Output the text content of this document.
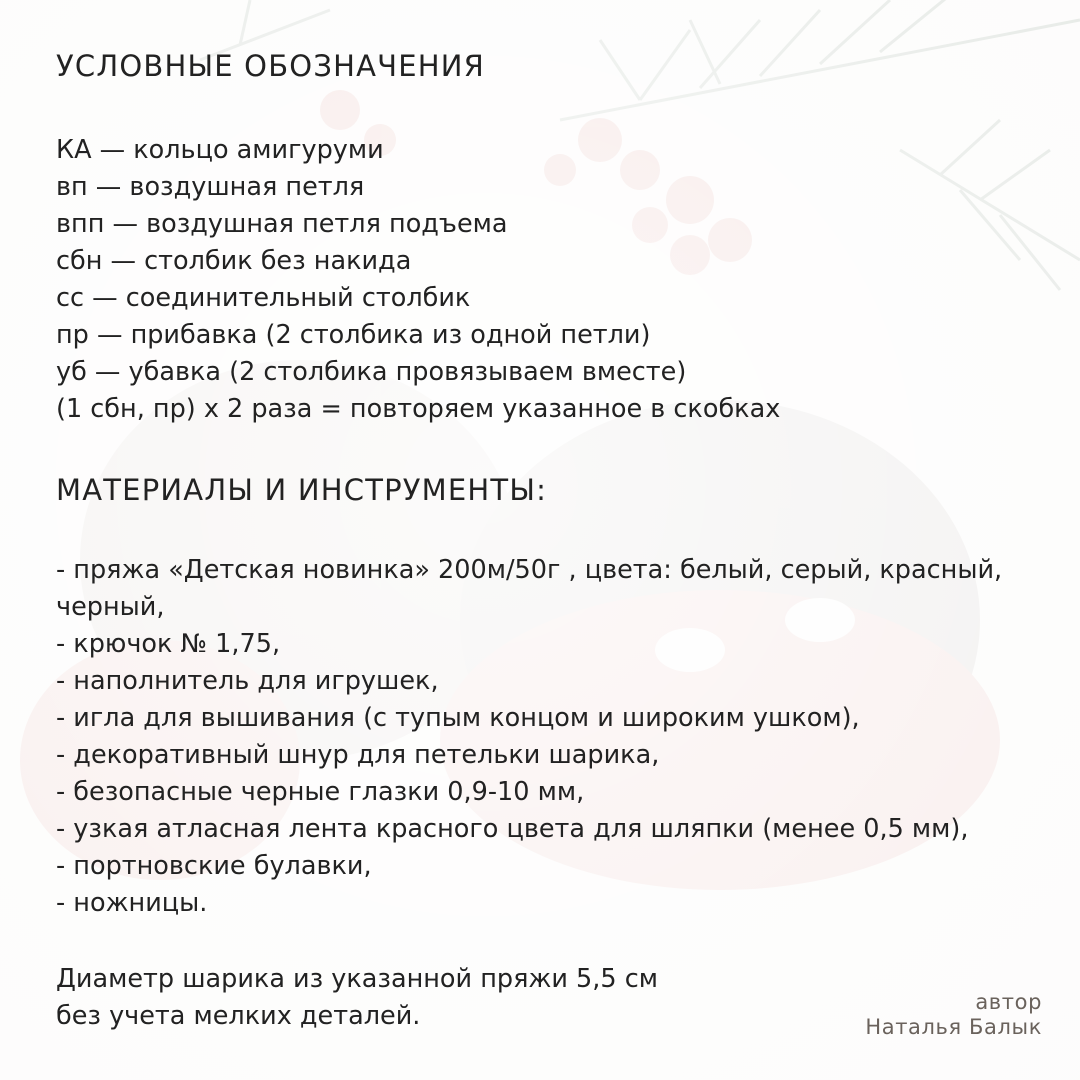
УСЛОВНЫЕ ОБОЗНАЧЕНИЯ
КА — кольцо амигуруми
вп — воздушная петля
впп — воздушная петля подъема
сбн — столбик без накида
сс — соединительный столбик
пр — прибавка (2 столбика из одной петли)
уб — убавка (2 столбика провязываем вместе)
(1 сбн, пр) х 2 раза = повторяем указанное в скобках
МАТЕРИАЛЫ И ИНСТРУМЕНТЫ:
- пряжа «Детская новинка» 200м/50г , цвета: белый, серый, красный, черный,
- крючок № 1,75,
- наполнитель для игрушек,
- игла для вышивания (с тупым концом и широким ушком),
- декоративный шнур для петельки шарика,
- безопасные черные глазки 0,9-10 мм,
- узкая атласная лента красного цвета для шляпки (менее 0,5 мм),
- портновские булавки,
- ножницы.

Диаметр шарика из указанной пряжи 5,5 см

без учета мелких деталей.	автор
Наталья Балык
